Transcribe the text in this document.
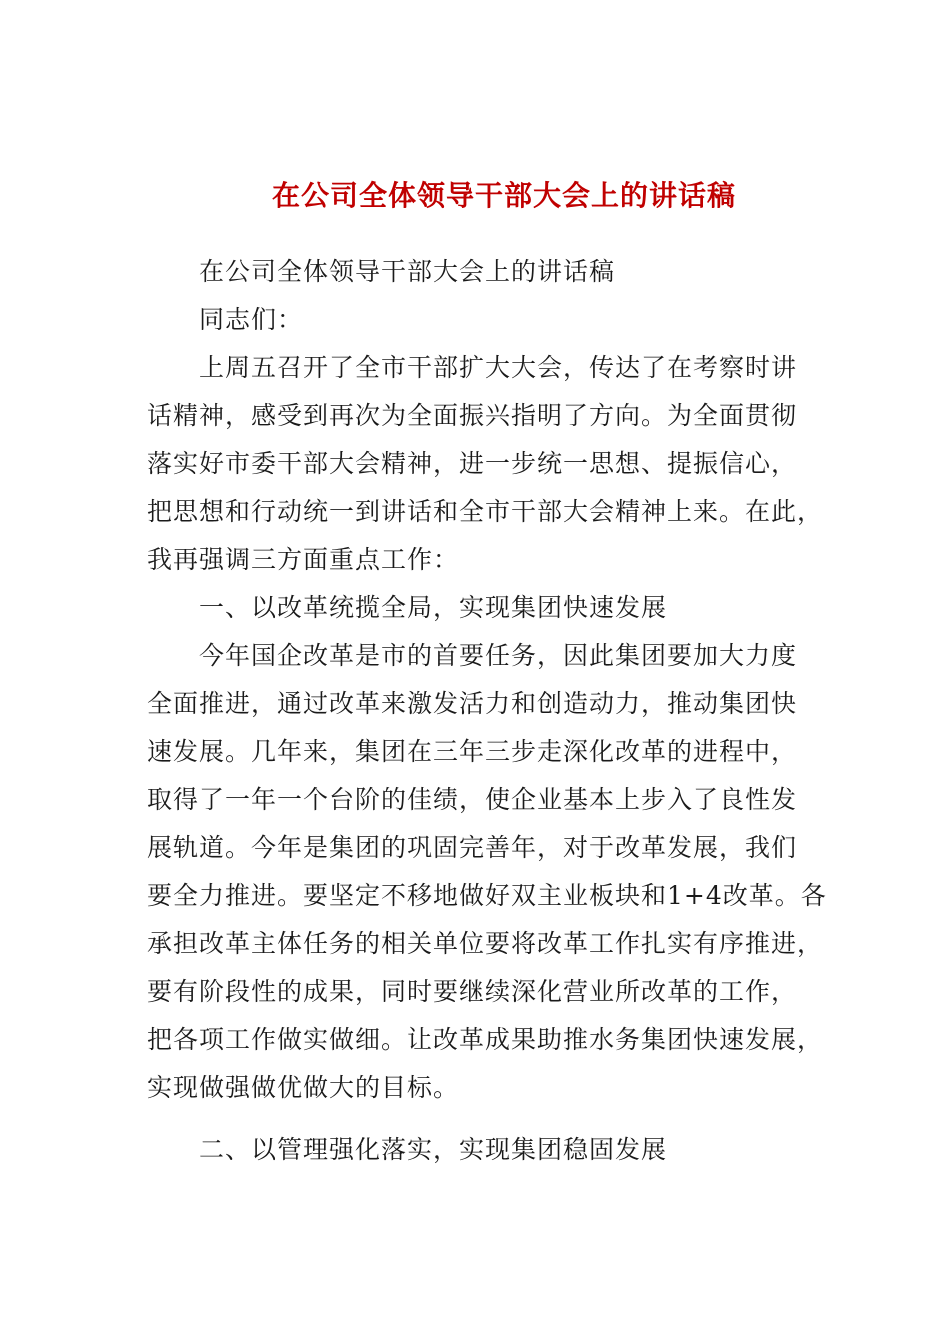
在公司全体领导干部大会上的讲话稿
在公司全体领导干部大会上的讲话稿
同志们：
上周五召开了全市干部扩大大会，传达了在考察时讲
话精神，感受到再次为全面振兴指明了方向。为全面贯彻
落实好市委干部大会精神，进一步统一思想、提振信心，
把思想和行动统一到讲话和全市干部大会精神上来。在此，
我再强调三方面重点工作：
一、以改革统揽全局，实现集团快速发展
今年国企改革是市的首要任务，因此集团要加大力度
全面推进，通过改革来激发活力和创造动力，推动集团快
速发展。几年来，集团在三年三步走深化改革的进程中，
取得了一年一个台阶的佳绩，使企业基本上步入了良性发
展轨道。今年是集团的巩固完善年，对于改革发展，我们
要全力推进。要坚定不移地做好双主业板块和1+4改革。各
承担改革主体任务的相关单位要将改革工作扎实有序推进，
要有阶段性的成果，同时要继续深化营业所改革的工作，
把各项工作做实做细。让改革成果助推水务集团快速发展，
实现做强做优做大的目标。
二、以管理强化落实，实现集团稳固发展
